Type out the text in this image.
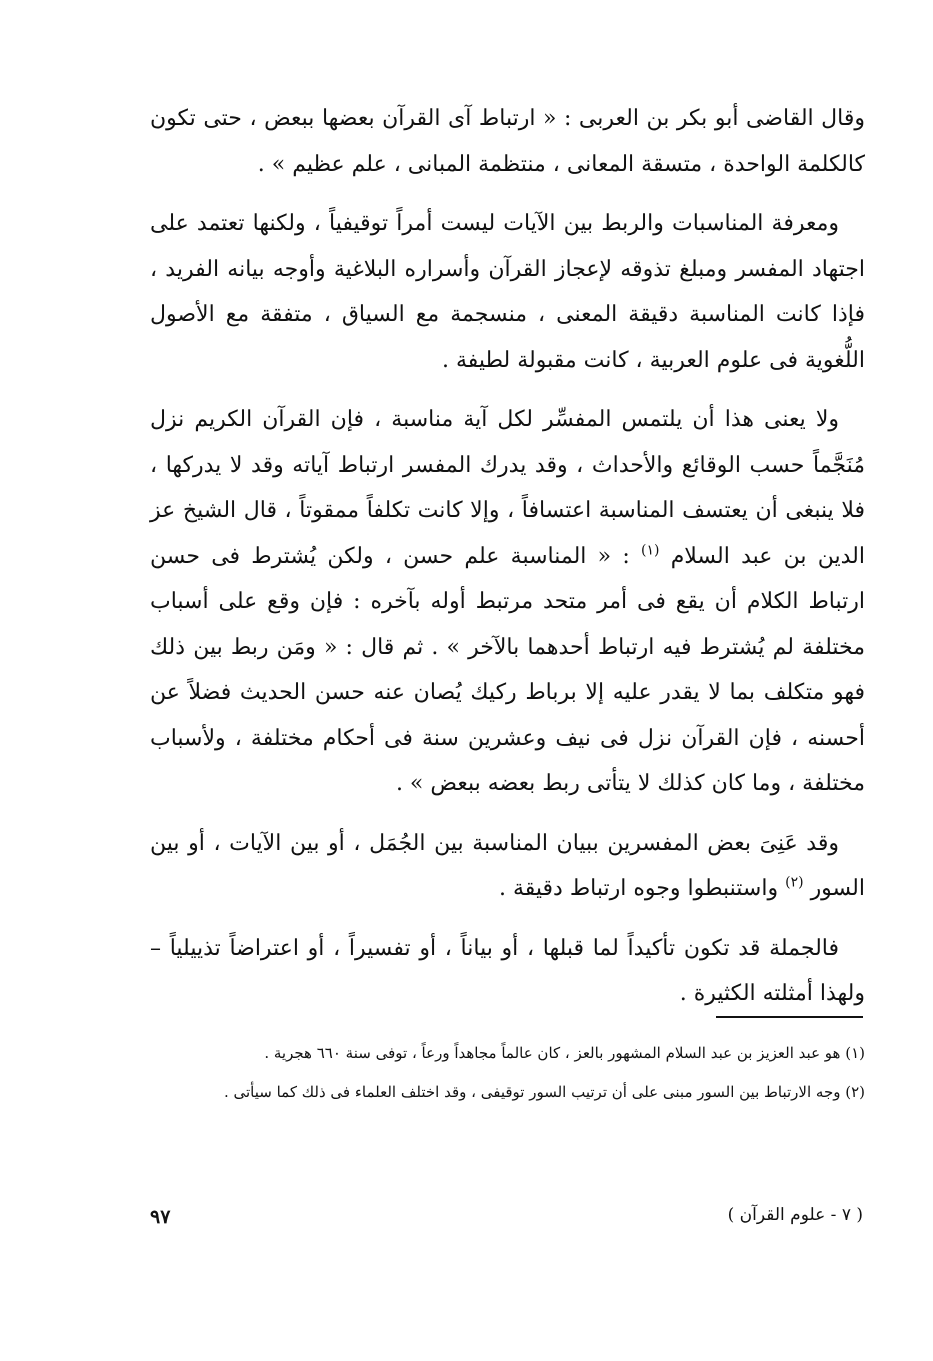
وقال القاضى أبو بكر بن العربى : « ارتباط آى القرآن بعضها ببعض ، حتى تكون كالكلمة الواحدة ، متسقة المعانى ، منتظمة المبانى ، علم عظيم » .

ومعرفة المناسبات والربط بين الآيات ليست أمراً توقيفياً ، ولكنها تعتمد على اجتهاد المفسر ومبلغ تذوقه لإعجاز القرآن وأسراره البلاغية وأوجه بيانه الفريد ، فإذا كانت المناسبة دقيقة المعنى ، منسجمة مع السياق ، متفقة مع الأصول اللُّغوية فى علوم العربية ، كانت مقبولة لطيفة .

ولا يعنى هذا أن يلتمس المفسِّر لكل آية مناسبة ، فإن القرآن الكريم نزل مُنَجَّماً حسب الوقائع والأحداث ، وقد يدرك المفسر ارتباط آياته وقد لا يدركها ، فلا ينبغى أن يعتسف المناسبة اعتسافاً ، وإلا كانت تكلفاً ممقوتاً ، قال الشيخ عز الدين بن عبد السلام $^{(١)}$ : « المناسبة علم حسن ، ولكن يُشترط فى حسن ارتباط الكلام أن يقع فى أمر متحد مرتبط أوله بآخره : فإن وقع على أسباب مختلفة لم يُشترط فيه ارتباط أحدهما بالآخر » . ثم قال : « ومَن ربط بين ذلك فهو متكلف بما لا يقدر عليه إلا برباط ركيك يُصان عنه حسن الحديث فضلاً عن أحسنه ، فإن القرآن نزل فى نيف وعشرين سنة فى أحكام مختلفة ، ولأسباب مختلفة ، وما كان كذلك لا يتأتى ربط بعضه ببعض » .

وقد عَنِىَ بعض المفسرين ببيان المناسبة بين الجُمَل ، أو بين الآيات ، أو بين السور $^{(٢)}$ واستنبطوا وجوه ارتباط دقيقة .

فالجملة قد تكون تأكيداً لما قبلها ، أو بياناً ، أو تفسيراً ، أو اعتراضاً تذييلياً – ولهذا أمثلته الكثيرة .

(١) هو عبد العزيز بن عبد السلام المشهور بالعز ، كان عالماً مجاهداً ورعاً ، توفى سنة ٦٦٠ هجرية .

(٢) وجه الارتباط بين السور مبنى على أن ترتيب السور توقيفى ، وقد اختلف العلماء فى ذلك كما سيأتى .

( ٧ - علوم القرآن )
٩٧
